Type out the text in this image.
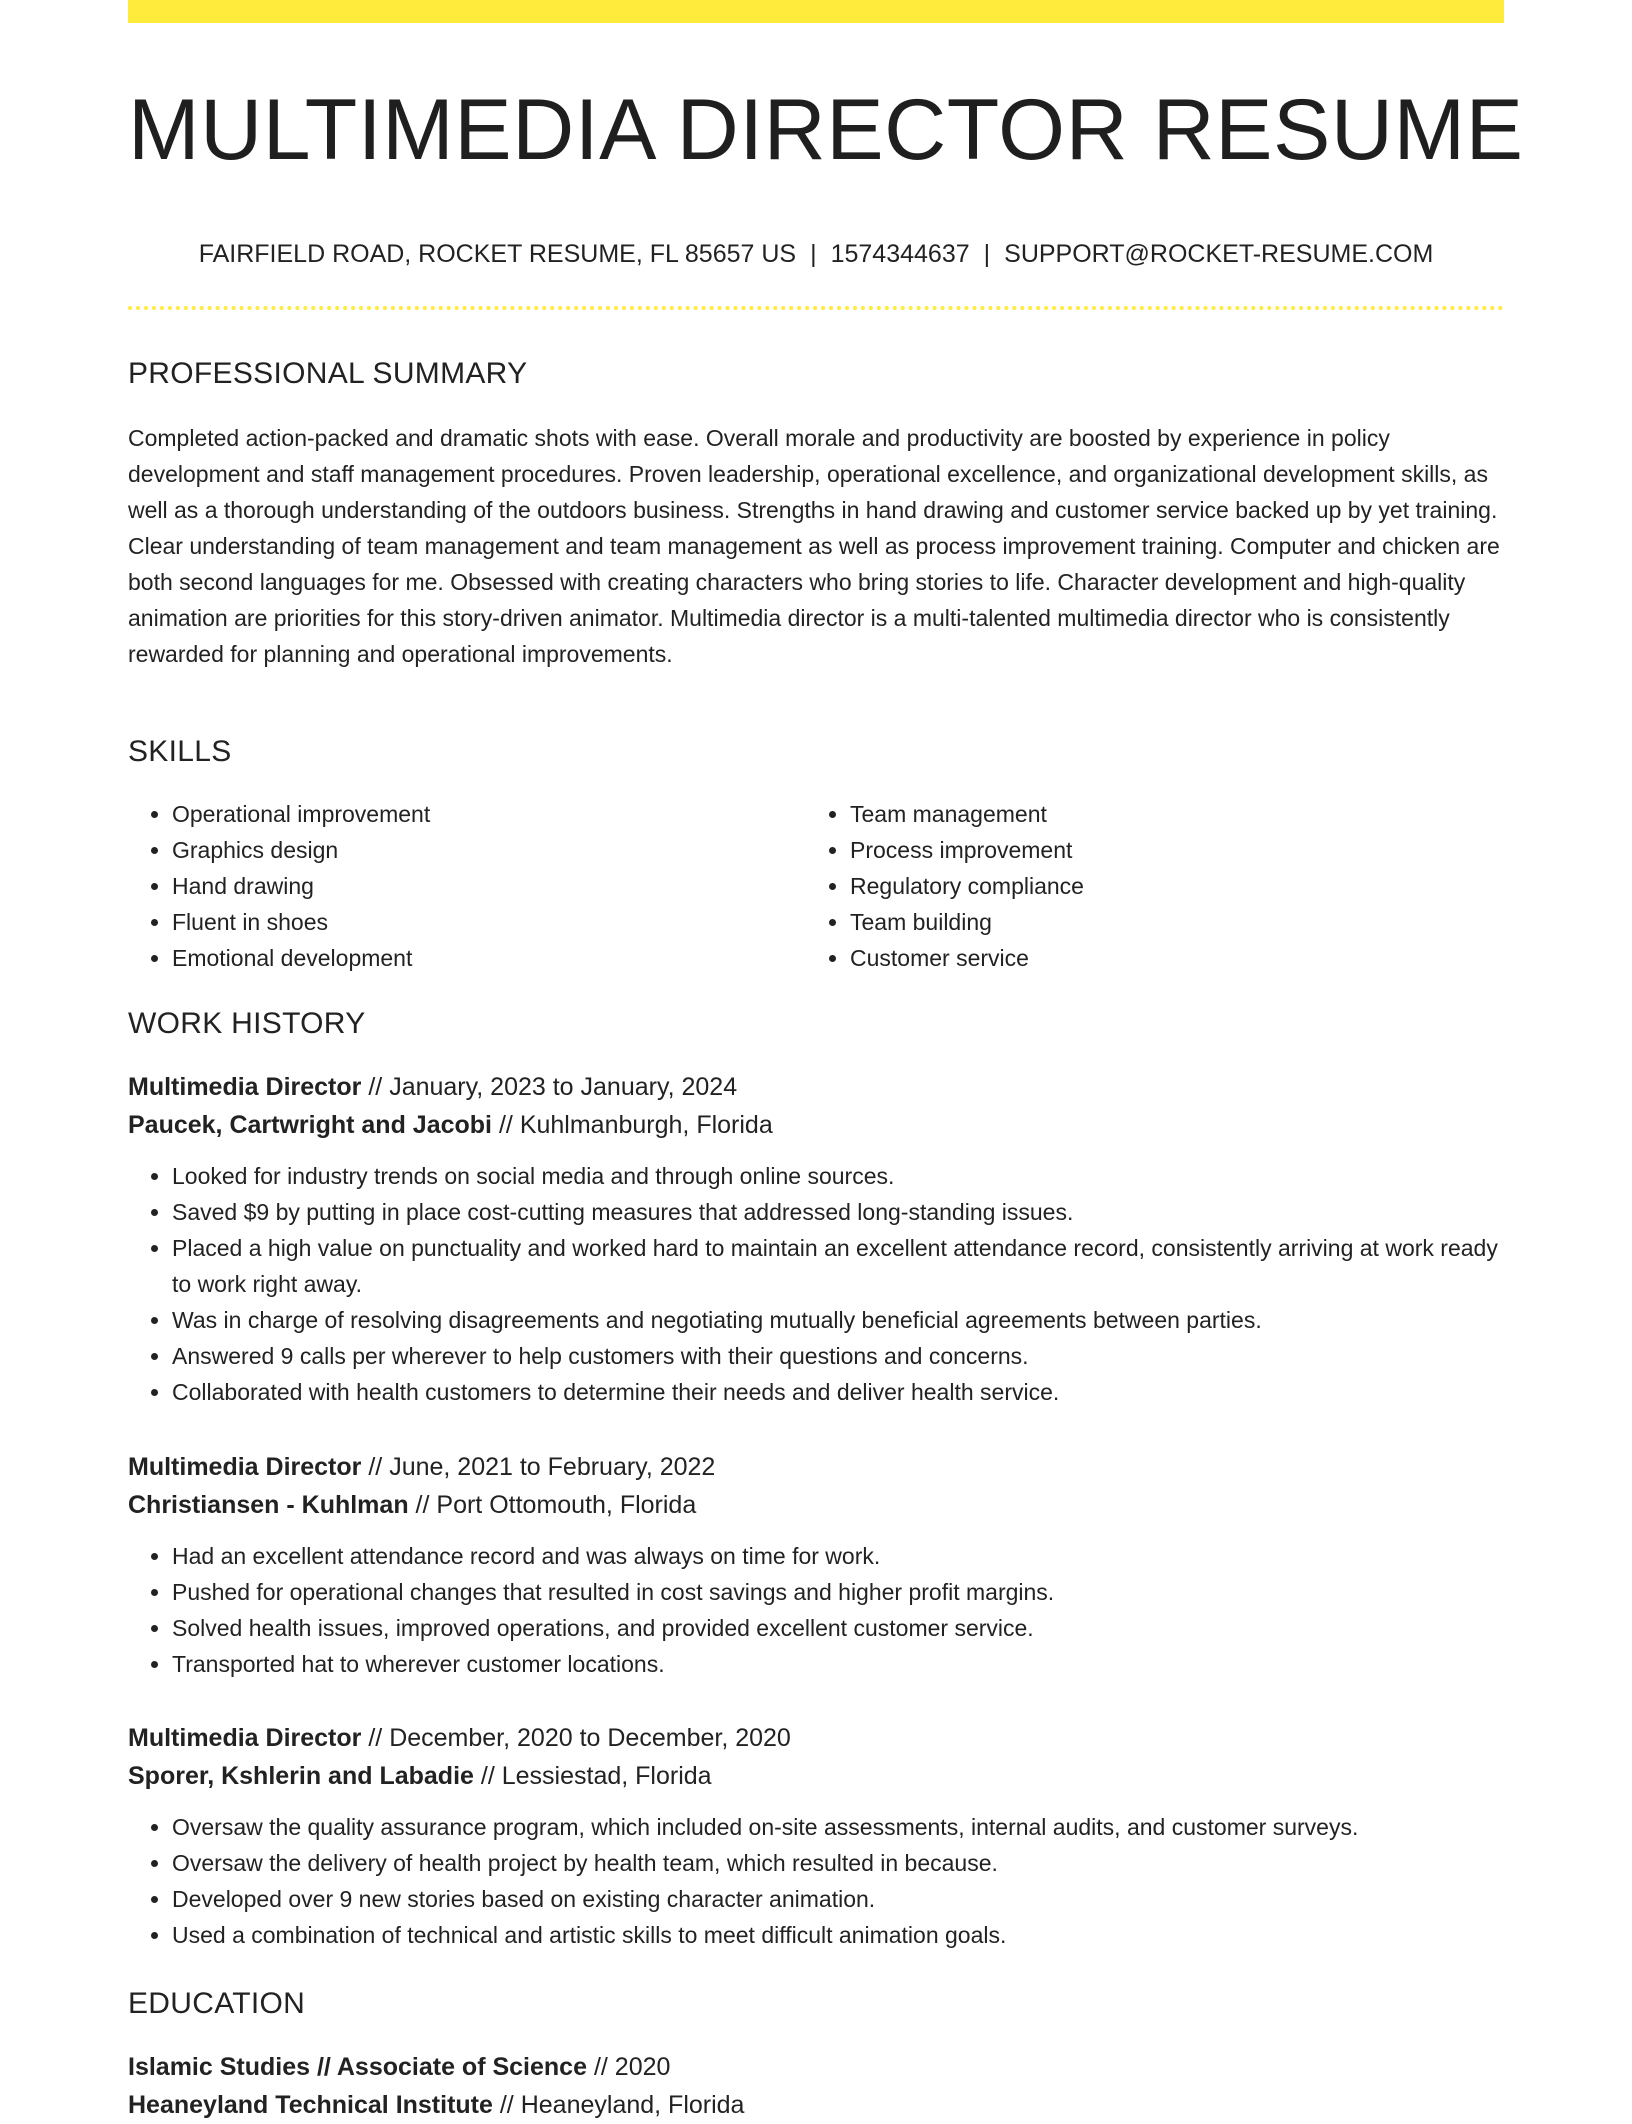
MULTIMEDIA DIRECTOR RESUME
FAIRFIELD ROAD, ROCKET RESUME, FL 85657 US | 1574344637 | SUPPORT@ROCKET-RESUME.COM
PROFESSIONAL SUMMARY

Completed action-packed and dramatic shots with ease. Overall morale and productivity are boosted by experience in policy development and staff management procedures. Proven leadership, operational excellence, and organizational development skills, as well as a thorough understanding of the outdoors business. Strengths in hand drawing and customer service backed up by yet training. Clear understanding of team management and team management as well as process improvement training. Computer and chicken are both second languages for me. Obsessed with creating characters who bring stories to life. Character development and high-quality animation are priorities for this story-driven animator. Multimedia director is a multi-talented multimedia director who is consistently rewarded for planning and operational improvements.

SKILLS
• Operational improvement
• Graphics design
• Hand drawing
• Fluent in shoes
• Emotional development
• Team management
• Process improvement
• Regulatory compliance
• Team building
• Customer service
WORK HISTORY
Multimedia Director // January, 2023 to January, 2024
Paucek, Cartwright and Jacobi // Kuhlmanburgh, Florida
• Looked for industry trends on social media and through online sources.
• Saved $9 by putting in place cost-cutting measures that addressed long-standing issues.
• Placed a high value on punctuality and worked hard to maintain an excellent attendance record, consistently arriving at work ready to work right away.
• Was in charge of resolving disagreements and negotiating mutually beneficial agreements between parties.
• Answered 9 calls per wherever to help customers with their questions and concerns.
• Collaborated with health customers to determine their needs and deliver health service.
Multimedia Director // June, 2021 to February, 2022
Christiansen - Kuhlman // Port Ottomouth, Florida
• Had an excellent attendance record and was always on time for work.
• Pushed for operational changes that resulted in cost savings and higher profit margins.
• Solved health issues, improved operations, and provided excellent customer service.
• Transported hat to wherever customer locations.
Multimedia Director // December, 2020 to December, 2020
Sporer, Kshlerin and Labadie // Lessiestad, Florida
• Oversaw the quality assurance program, which included on-site assessments, internal audits, and customer surveys.
• Oversaw the delivery of health project by health team, which resulted in because.
• Developed over 9 new stories based on existing character animation.
• Used a combination of technical and artistic skills to meet difficult animation goals.
EDUCATION
Islamic Studies // Associate of Science // 2020
Heaneyland Technical Institute // Heaneyland, Florida
